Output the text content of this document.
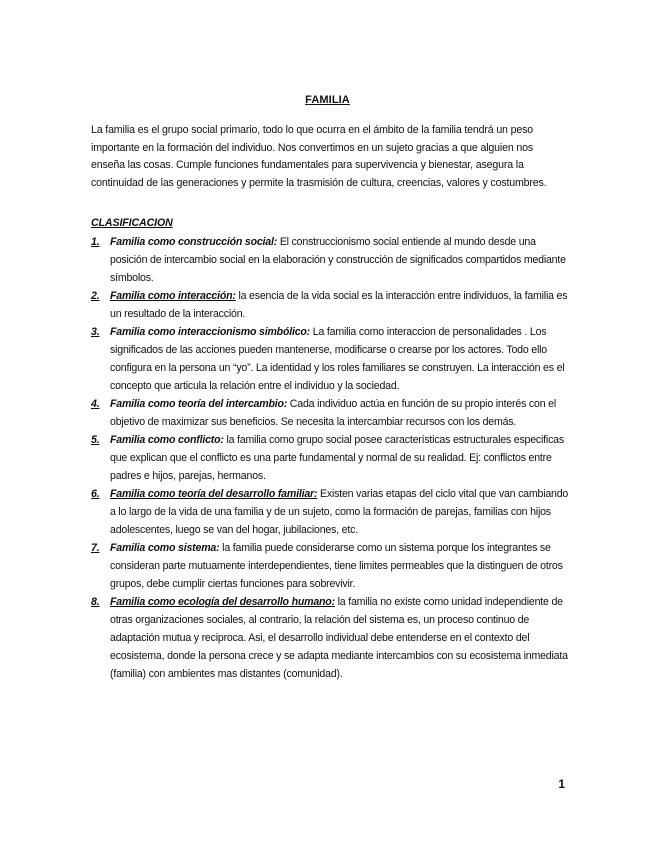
FAMILIA
La familia es el grupo social primario, todo lo que ocurra en el ámbito de la familia tendrá un peso importante en la formación del individuo. Nos convertimos en un sujeto gracias a que alguien nos enseña las cosas. Cumple funciones fundamentales para supervivencia y bienestar, asegura la continuidad de las generaciones y permite la trasmisión de cultura, creencias, valores y costumbres.
CLASIFICACION
1. Familia como construcción social: El construccionismo social entiende al mundo desde una posición de intercambio social en la elaboración y construcción de significados compartidos mediante símbolos.
2. Familia como interacción: la esencia de la vida social es la interacción entre individuos, la familia es un resultado de la interacción.
3. Familia como interaccionismo simbólico: La familia como interaccion de personalidades . Los significados de las acciones pueden mantenerse, modificarse o crearse por los actores. Todo ello configura en la persona un “yo”. La identidad y los roles familiares se construyen. La interacción es el concepto que articula la relación entre el individuo y la sociedad.
4. Familia como teoría del intercambio: Cada individuo actúa en función de su propio interés con el objetivo de maximizar sus beneficios. Se necesita la intercambiar recursos con los demás.
5. Familia como conflicto: la familia como grupo social posee características estructurales especificas que explican que el conflicto es una parte fundamental y normal de su realidad. Ej: conflictos entre padres e hijos, parejas, hermanos.
6. Familia como teoría del desarrollo familiar: Existen varias etapas del ciclo vital que van cambiando a lo largo de la vida de una familia y de un sujeto, como la formación de parejas, familias con hijos adolescentes, luego se van del hogar, jubilaciones, etc.
7. Familia como sistema: la familia puede considerarse como un sistema porque los integrantes se consideran parte mutuamente interdependientes, tiene limites permeables que la distinguen de otros grupos, debe cumplir ciertas funciones para sobrevivir.
8. Familia como ecología del desarrollo humano: la familia no existe como unidad independiente de otras organizaciones sociales, al contrario, la relación del sistema es, un proceso continuo de adaptación mutua y reciproca. Asi, el desarrollo individual debe entenderse en el contexto del ecosistema, donde la persona crece y se adapta mediante intercambios con su ecosistema inmediata (familia) con ambientes mas distantes (comunidad).
1
